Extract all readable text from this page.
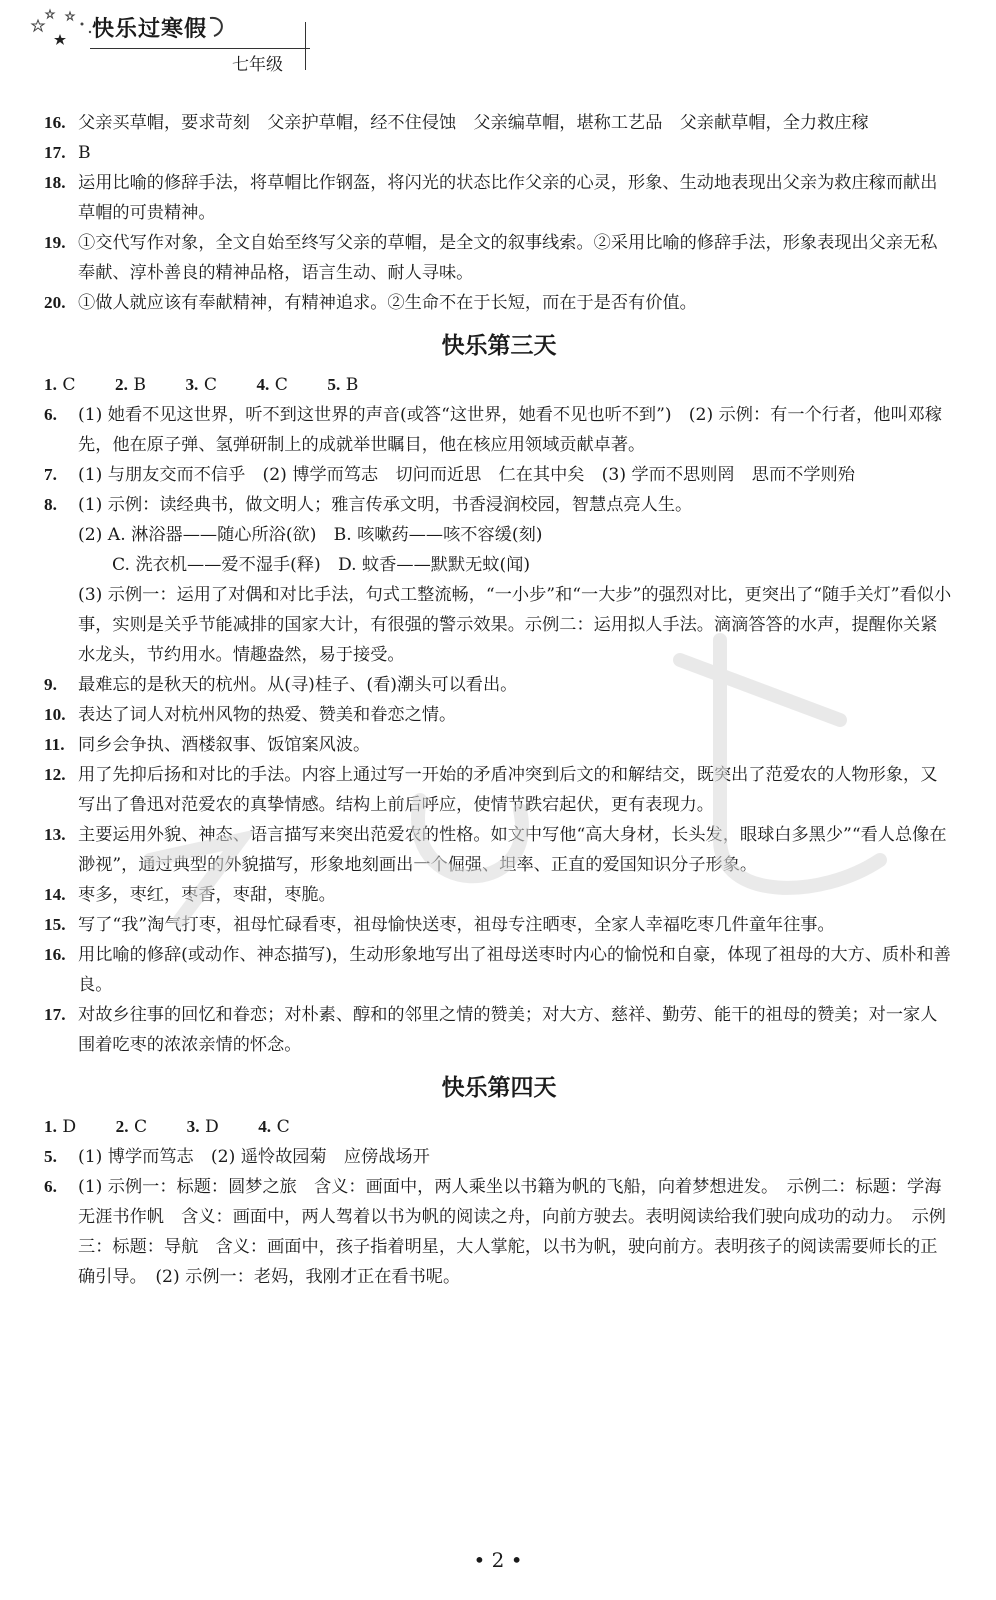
快乐过寒假
七年级
16. 父亲买草帽，要求苛刻　父亲护草帽，经不住侵蚀　父亲编草帽，堪称工艺品　父亲献草帽，全力救庄稼
17. B
18. 运用比喻的修辞手法，将草帽比作钢盔，将闪光的状态比作父亲的心灵，形象、生动地表现出父亲为救庄稼而献出草帽的可贵精神。
19. ①交代写作对象，全文自始至终写父亲的草帽，是全文的叙事线索。②采用比喻的修辞手法，形象表现出父亲无私奉献、淳朴善良的精神品格，语言生动、耐人寻味。
20. ①做人就应该有奉献精神，有精神追求。②生命不在于长短，而在于是否有价值。
快乐第三天
1. C 2. B 3. C 4. C 5. B
6. (1) 她看不见这世界，听不到这世界的声音(或答“这世界，她看不见也听不到”)　(2) 示例：有一个行者，他叫邓稼先，他在原子弹、氢弹研制上的成就举世瞩目，他在核应用领域贡献卓著。
7. (1) 与朋友交而不信乎　(2) 博学而笃志　切问而近思　仁在其中矣　(3) 学而不思则罔　思而不学则殆
8. (1) 示例：读经典书，做文明人；雅言传承文明，书香浸润校园，智慧点亮人生。
(2) A. 淋浴器——随心所浴(欲)　B. 咳嗽药——咳不容缓(刻)
C. 洗衣机——爱不湿手(释)　D. 蚊香——默默无蚊(闻)
(3) 示例一：运用了对偶和对比手法，句式工整流畅，“一小步”和“一大步”的强烈对比，更突出了“随手关灯”看似小事，实则是关乎节能减排的国家大计，有很强的警示效果。示例二：运用拟人手法。滴滴答答的水声，提醒你关紧水龙头，节约用水。情趣盎然，易于接受。
9. 最难忘的是秋天的杭州。从(寻)桂子、(看)潮头可以看出。
10. 表达了词人对杭州风物的热爱、赞美和眷恋之情。
11. 同乡会争执、酒楼叙事、饭馆案风波。
12. 用了先抑后扬和对比的手法。内容上通过写一开始的矛盾冲突到后文的和解结交，既突出了范爱农的人物形象，又写出了鲁迅对范爱农的真挚情感。结构上前后呼应，使情节跌宕起伏，更有表现力。
13. 主要运用外貌、神态、语言描写来突出范爱农的性格。如文中写他“高大身材，长头发，眼球白多黑少”“看人总像在渺视”，通过典型的外貌描写，形象地刻画出一个倔强、坦率、正直的爱国知识分子形象。
14. 枣多，枣红，枣香，枣甜，枣脆。
15. 写了“我”淘气打枣，祖母忙碌看枣，祖母愉快送枣，祖母专注晒枣，全家人幸福吃枣几件童年往事。
16. 用比喻的修辞(或动作、神态描写)，生动形象地写出了祖母送枣时内心的愉悦和自豪，体现了祖母的大方、质朴和善良。
17. 对故乡往事的回忆和眷恋；对朴素、醇和的邻里之情的赞美；对大方、慈祥、勤劳、能干的祖母的赞美；对一家人围着吃枣的浓浓亲情的怀念。
快乐第四天
1. D 2. C 3. D 4. C
5. (1) 博学而笃志　(2) 遥怜故园菊　应傍战场开
6. (1) 示例一：标题：圆梦之旅　含义：画面中，两人乘坐以书籍为帆的飞船，向着梦想进发。　示例二：标题：学海无涯书作帆　含义：画面中，两人驾着以书为帆的阅读之舟，向前方驶去。表明阅读给我们驶向成功的动力。　示例三：标题：导航　含义：画面中，孩子指着明星，大人掌舵，以书为帆，驶向前方。表明孩子的阅读需要师长的正确引导。　(2) 示例一：老妈，我刚才正在看书呢。
• 2 •
